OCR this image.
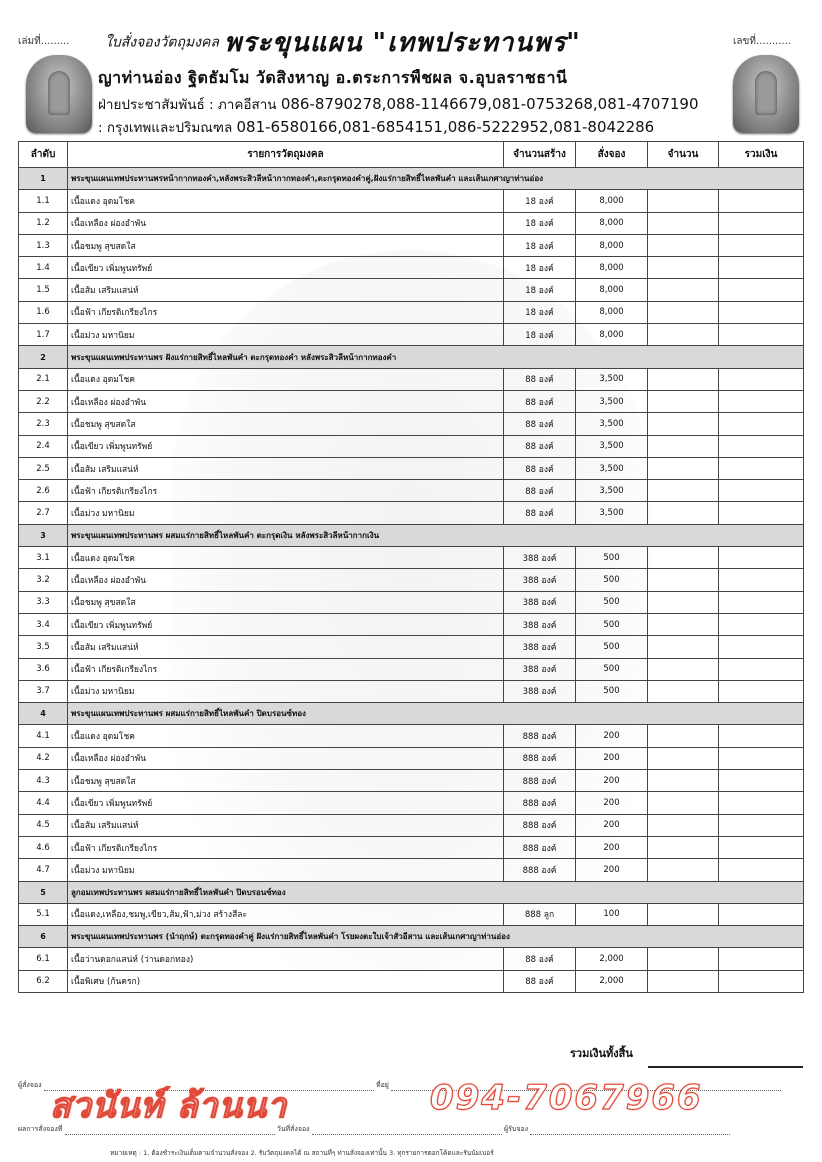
เล่มที่.........	เลขที่...........
ใบสั่งจองวัตถุมงคล พระขุนแผน "เทพประทานพร"
ญาท่านอ่อง ฐิตธัมโม วัดสิงหาญ อ.ตระการพืชผล จ.อุบลราชธานี
ฝ่ายประชาสัมพันธ์ : ภาคอีสาน 086-8790278,088-1146679,081-0753268,081-4707190
: กรุงเทพและปริมณฑล 081-6580166,081-6854151,086-5222952,081-8042286
ลำดับ	รายการวัตถุมงคล	จำนวนสร้าง	สั่งจอง	จำนวน	รวมเงิน
1	พระขุนแผนเทพประทานพรหน้ากากทองคำ,หลังพระสิวลีหน้ากากทองคำ,ตะกรุดทองคำคู่,ฝังแร่กายสิทธิ์ไหลพันคำ และเส้นเกศาญาท่านอ่อง				
1.1	เนื้อแดง อุดมโชค	18 องค์	8,000		
1.2	เนื้อเหลือง ผ่องอำพัน	18 องค์	8,000		
1.3	เนื้อชมพู สุขสดใส	18 องค์	8,000		
1.4	เนื้อเขียว เพิ่มพูนทรัพย์	18 องค์	8,000		
1.5	เนื้อส้ม เสริมแสน่ห์	18 องค์	8,000		
1.6	เนื้อฟ้า เกียรติเกรียงไกร	18 องค์	8,000		
1.7	เนื้อม่วง มหานิยม	18 องค์	8,000		
2	พระขุนแผนเทพประทานพร ฝังแร่กายสิทธิ์ไหลพันคำ ตะกรุดทองคำ หลังพระสิวลีหน้ากากทองคำ				
2.1	เนื้อแดง อุดมโชค	88 องค์	3,500		
2.2	เนื้อเหลือง ผ่องอำพัน	88 องค์	3,500		
2.3	เนื้อชมพู สุขสดใส	88 องค์	3,500		
2.4	เนื้อเขียว เพิ่มพูนทรัพย์	88 องค์	3,500		
2.5	เนื้อส้ม เสริมแสน่ห์	88 องค์	3,500		
2.6	เนื้อฟ้า เกียรติเกรียงไกร	88 องค์	3,500		
2.7	เนื้อม่วง มหานิยม	88 องค์	3,500		
3	พระขุนแผนเทพประทานพร ผสมแร่กายสิทธิ์ไหลพันคำ ตะกรุดเงิน หลังพระสิวลีหน้ากากเงิน				
3.1	เนื้อแดง อุดมโชค	388 องค์	500		
3.2	เนื้อเหลือง ผ่องอำพัน	388 องค์	500		
3.3	เนื้อชมพู สุขสดใส	388 องค์	500		
3.4	เนื้อเขียว เพิ่มพูนทรัพย์	388 องค์	500		
3.5	เนื้อส้ม เสริมแสน่ห์	388 องค์	500		
3.6	เนื้อฟ้า เกียรติเกรียงไกร	388 องค์	500		
3.7	เนื้อม่วง มหานิยม	388 องค์	500		
4	พระขุนแผนเทพประทานพร ผสมแร่กายสิทธิ์ไหลพันคำ ปิดบรอนซ์ทอง				
4.1	เนื้อแดง อุดมโชค	888 องค์	200		
4.2	เนื้อเหลือง ผ่องอำพัน	888 องค์	200		
4.3	เนื้อชมพู สุขสดใส	888 องค์	200		
4.4	เนื้อเขียว เพิ่มพูนทรัพย์	888 องค์	200		
4.5	เนื้อส้ม เสริมแสน่ห์	888 องค์	200		
4.6	เนื้อฟ้า เกียรติเกรียงไกร	888 องค์	200		
4.7	เนื้อม่วง มหานิยม	888 องค์	200		
5	ลูกอมเทพประทานพร ผสมแร่กายสิทธิ์ไหลพันคำ ปิดบรอนซ์ทอง				
5.1	เนื้อแดง,เหลือง,ชมพู,เขียว,ส้ม,ฟ้า,ม่วง สร้างสีละ	888 ลูก	100		
6	พระขุนแผนเทพประทานพร (นำฤกษ์) ตะกรุดทองคำคู่ ฝังแร่กายสิทธิ์ไหลพันคำ โรยผงตะใบเจ้าสัวอีสาน และเส้นเกศาญาท่านอ่อง				
6.1	เนื้อว่านดอกแสน่ห์ (ว่านดอกทอง)	88 องค์	2,000		
6.2	เนื้อพิเศษ (ก้นครก)	88 องค์	2,000		
รวมเงินทั้งสิ้น
ผู้สั่งจอง	ที่อยู่
ผลการสั่งจองที่	วันที่สั่งจอง	ผู้รับจอง
สวนันท์ ล้านนา	094-7067966
หมายเหตุ : 1. ต้องชำระเงินเต็มตามจำนวนสั่งจอง 2. รับวัตถุมงคลได้ ณ สถานที่ๆ ท่านสั่งจองเท่านั้น 3. ทุกรายการตอกโค้ดและรันนัมเบอร์
